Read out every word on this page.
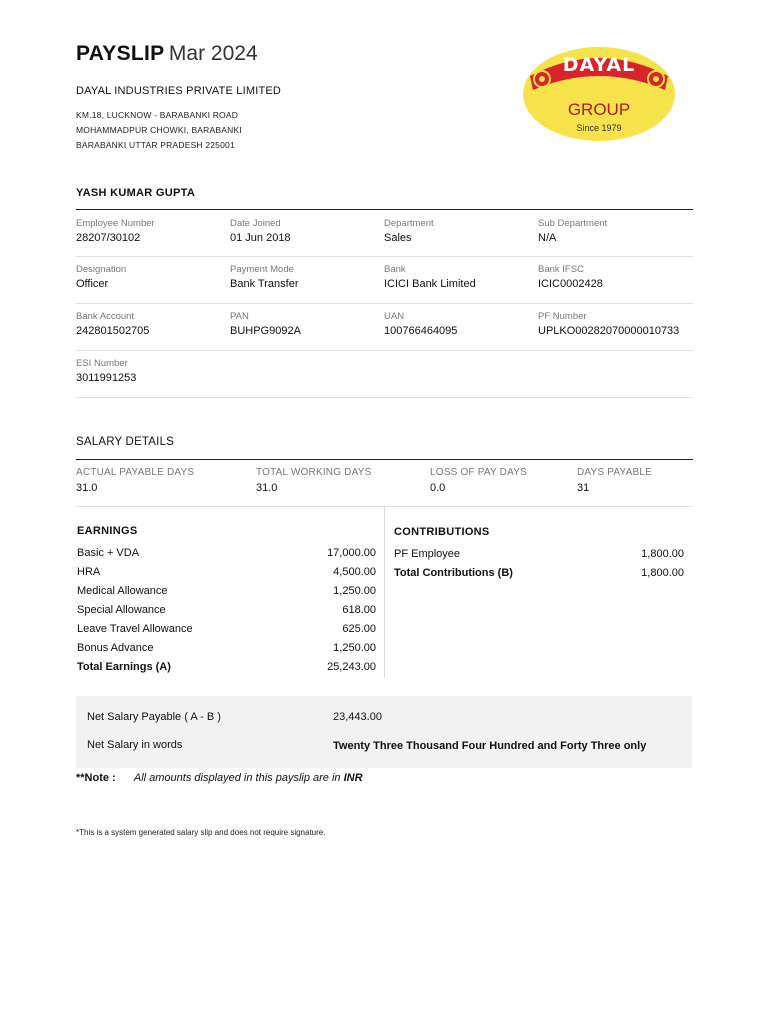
PAYSLIP Mar 2024
DAYAL INDUSTRIES PRIVATE LIMITED
KM.18, LUCKNOW - BARABANKI ROAD
MOHAMMADPUR CHOWKI, BARABANKI
BARABANKI UTTAR PRADESH 225001
DAYAL
GROUP
Since 1979
YASH KUMAR GUPTA
Employee Number
28207/30102
Date Joined
01 Jun 2018
Department
Sales
Sub Department
N/A
Designation
Officer
Payment Mode
Bank Transfer
Bank
ICICI Bank Limited
Bank IFSC
ICIC0002428
Bank Account
242801502705
PAN
BUHPG9092A
UAN
100766464095
PF Number
UPLKO00282070000010733
ESI Number
3011991253
SALARY DETAILS
ACTUAL PAYABLE DAYS
31.0
TOTAL WORKING DAYS
31.0
LOSS OF PAY DAYS
0.0
DAYS PAYABLE
31
EARNINGS
Basic + VDA	17,000.00
HRA	4,500.00
Medical Allowance	1,250.00
Special Allowance	618.00
Leave Travel Allowance	625.00
Bonus Advance	1,250.00
Total Earnings (A)	25,243.00
CONTRIBUTIONS
PF Employee	1,800.00
Total Contributions (B)	1,800.00
Net Salary Payable ( A - B )	23,443.00
Net Salary in words	Twenty Three Thousand Four Hundred and Forty Three only
**Note : All amounts displayed in this payslip are in INR
*This is a system generated salary slip and does not require signature.
